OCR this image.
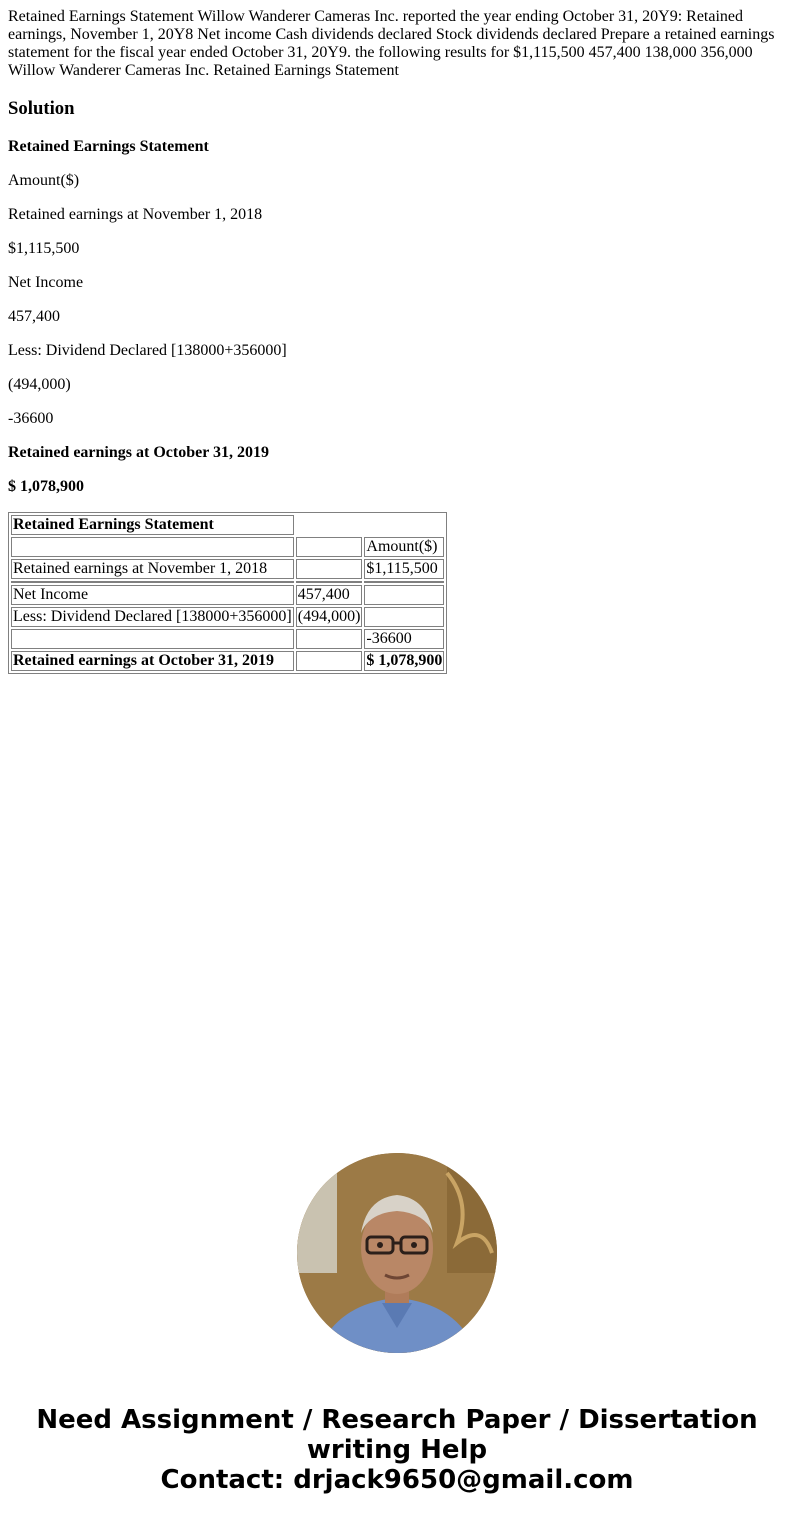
Retained Earnings Statement Willow Wanderer Cameras Inc. reported the year ending October 31, 20Y9: Retained earnings, November 1, 20Y8 Net income Cash dividends declared Stock dividends declared Prepare a retained earnings statement for the fiscal year ended October 31, 20Y9. the following results for $1,115,500 457,400 138,000 356,000 Willow Wanderer Cameras Inc. Retained Earnings Statement

Solution

Retained Earnings Statement

Amount($)

Retained earnings at November 1, 2018

$1,115,500

Net Income

457,400

Less: Dividend Declared [138000+356000]

(494,000)

-36600

Retained earnings at October 31, 2019

$ 1,078,900

Retained Earnings Statement		
		Amount($)
Retained earnings at November 1, 2018		$1,115,500

Net Income	457,400	
Less: Dividend Declared [138000+356000]	(494,000)	
		-36600
Retained earnings at October 31, 2019		$ 1,078,900
Need Assignment / Research Paper / Dissertation
writing Help
Contact: drjack9650@gmail.com
